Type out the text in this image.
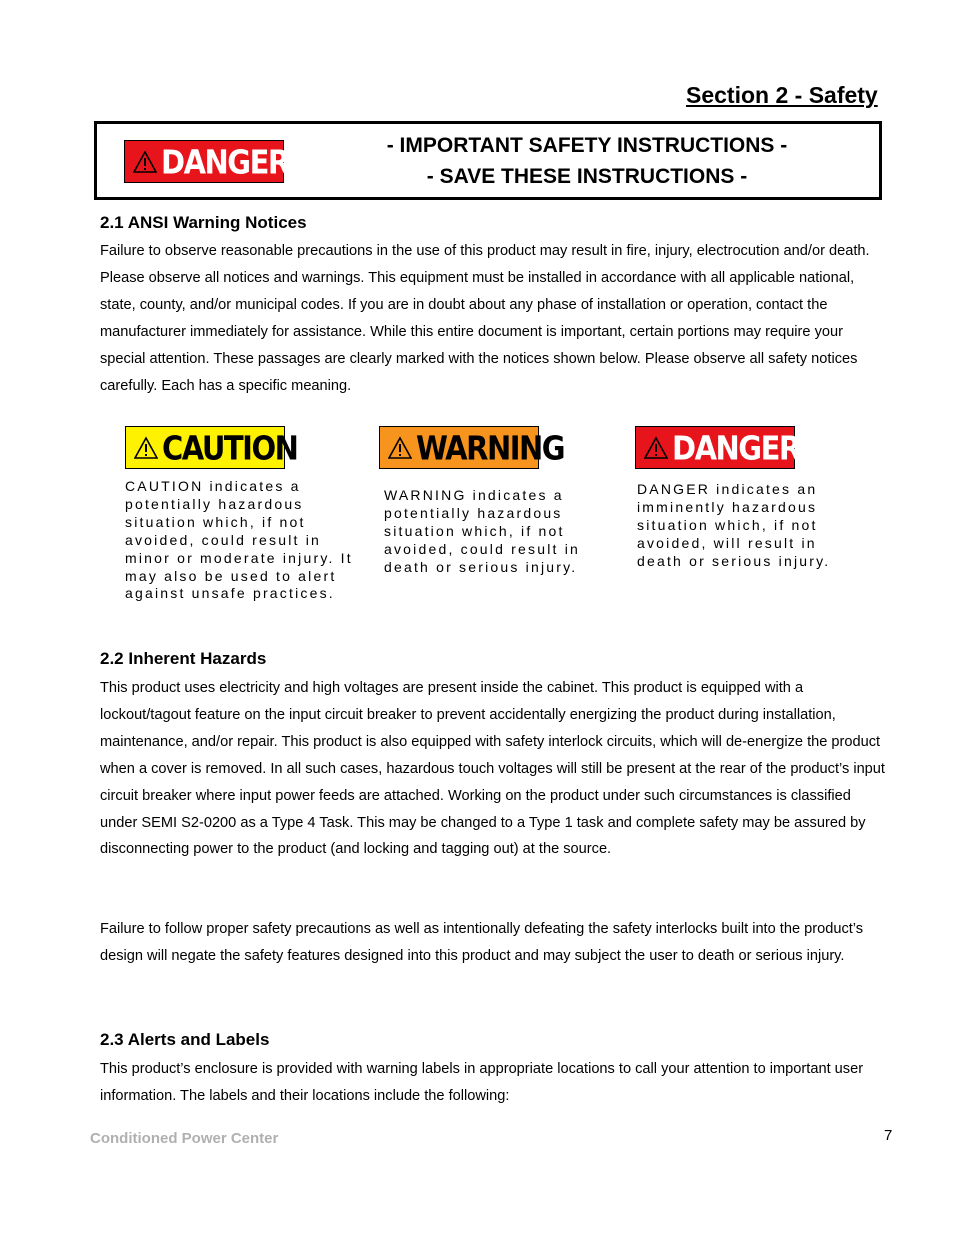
Section 2 - Safety
DANGER	- IMPORTANT SAFETY INSTRUCTIONS -
- SAVE THESE INSTRUCTIONS -
2.1 ANSI Warning Notices
Failure to observe reasonable precautions in the use of this product may result in fire, injury, electrocution and/or death. Please observe all notices and warnings. This equipment must be installed in accordance with all applicable national, state, county, and/or municipal codes. If you are in doubt about any phase of installation or operation, contact the manufacturer immediately for assistance. While this entire document is important, certain portions may require your special attention. These passages are clearly marked with the notices shown below. Please observe all safety notices carefully. Each has a specific meaning.
CAUTION
CAUTION indicates a potentially hazardous situation which, if not avoided, could result in minor or moderate injury. It may also be used to alert against unsafe practices.
WARNING
WARNING indicates a potentially hazardous situation which, if not avoided, could result in death or serious injury.
DANGER
DANGER indicates an imminently hazardous situation which, if not avoided, will result in death or serious injury.
2.2 Inherent Hazards
This product uses electricity and high voltages are present inside the cabinet. This product is equipped with a lockout/tagout feature on the input circuit breaker to prevent accidentally energizing the product during installation, maintenance, and/or repair. This product is also equipped with safety interlock circuits, which will de-energize the product when a cover is removed. In all such cases, hazardous touch voltages will still be present at the rear of the product’s input circuit breaker where input power feeds are attached. Working on the product under such circumstances is classified under SEMI S2-0200 as a Type 4 Task. This may be changed to a Type 1 task and complete safety may be assured by disconnecting power to the product (and locking and tagging out) at the source.
Failure to follow proper safety precautions as well as intentionally defeating the safety interlocks built into the product’s design will negate the safety features designed into this product and may subject the user to death or serious injury.
2.3 Alerts and Labels
This product’s enclosure is provided with warning labels in appropriate locations to call your attention to important user information. The labels and their locations include the following:
Conditioned Power Center	7
